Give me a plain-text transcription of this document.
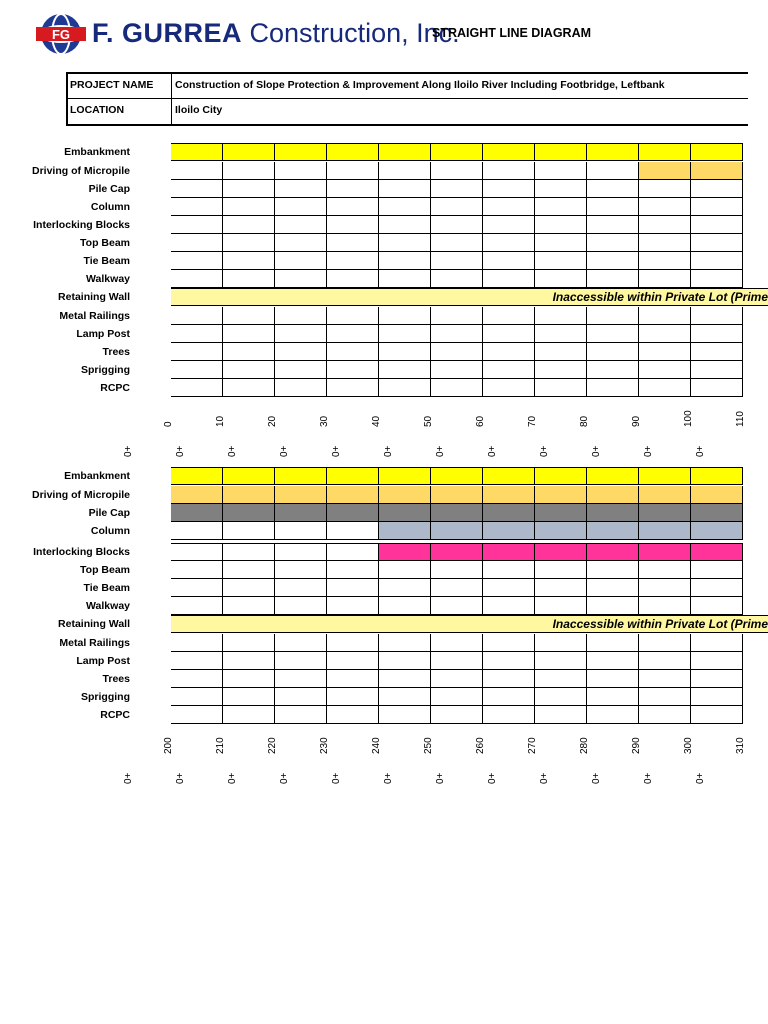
FG F. GURREA Construction, Inc.
STRAIGHT LINE DIAGRAM
PROJECT NAME Construction of Slope Protection & Improvement Along Iloilo River Including Footbridge, Leftbank
LOCATION	Iloilo City
Inaccessible within Private Lot (Prime
Embankment
Driving of Micropile
Pile Cap
Column
Interlocking Blocks
Top Beam
Tie Beam
Walkway
Retaining Wall
Metal Railings
Lamp Post
Trees
Sprigging
RCPC
0
0+
10
0+
20
0+
30
0+
40
0+
50
0+
60
0+
70
0+
80
0+
90
0+
100
0+
110
0+
Inaccessible within Private Lot (Prime
Embankment
Driving of Micropile
Pile Cap
Column
Interlocking Blocks
Top Beam
Tie Beam
Walkway
Retaining Wall
Metal Railings
Lamp Post
Trees
Sprigging
RCPC
200
0+
210
0+
220
0+
230
0+
240
0+
250
0+
260
0+
270
0+
280
0+
290
0+
300
0+
310
0+
